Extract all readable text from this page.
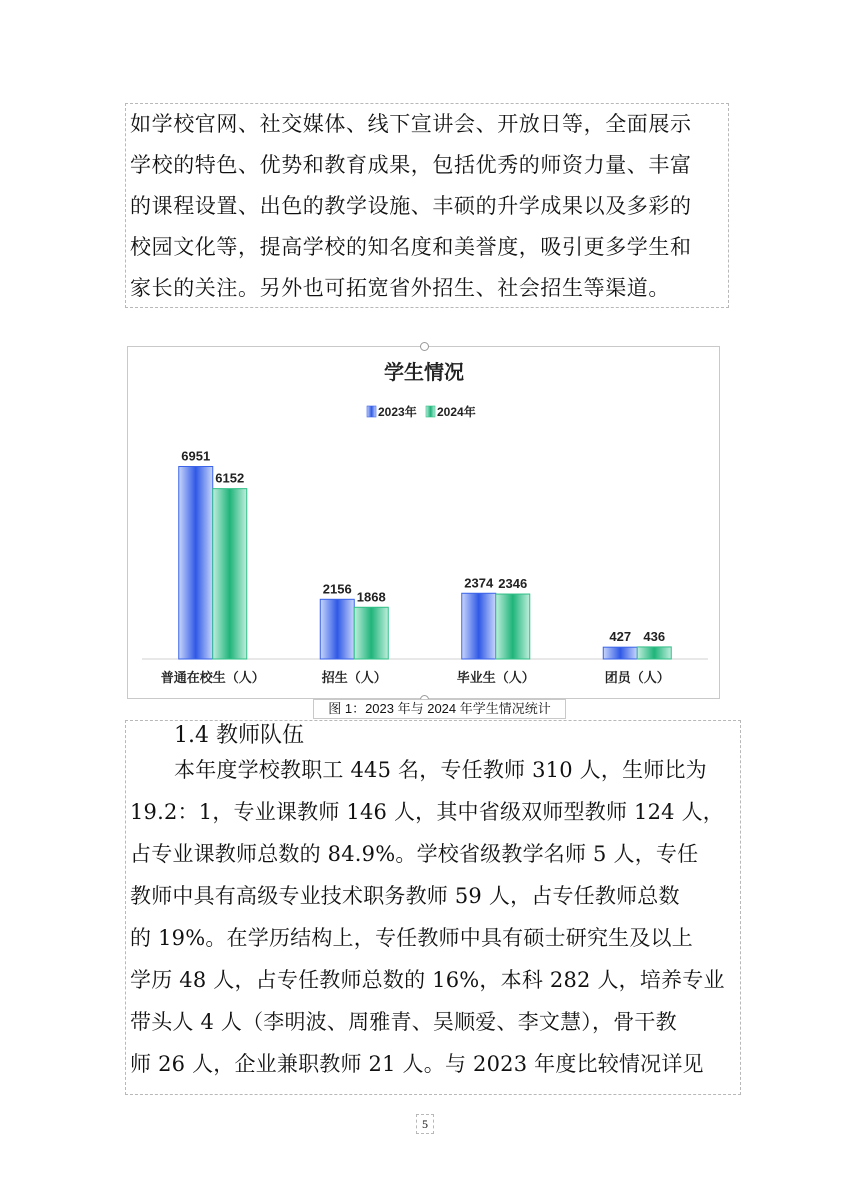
如学校官网、社交媒体、线下宣讲会、开放日等，全面展示
学校的特色、优势和教育成果，包括优秀的师资力量、丰富
的课程设置、出色的教学设施、丰硕的升学成果以及多彩的
校园文化等，提高学校的知名度和美誉度，吸引更多学生和
家长的关注。另外也可拓宽省外招生、社会招生等渠道。
学生情况
2023年 2024年
6951
6152
2156
1868
2374 2346
427 436
普通在校生（人）	招生（人）	毕业生（人）	团员（人）
图 1：2023 年与 2024 年学生情况统计
1.4 教师队伍
本年度学校教职工 445 名，专任教师 310 人，生师比为
19.2：1，专业课教师 146 人，其中省级双师型教师 124 人，
占专业课教师总数的 84.9%。学校省级教学名师 5 人，专任
教师中具有高级专业技术职务教师 59 人，占专任教师总数
的 19%。在学历结构上，专任教师中具有硕士研究生及以上
学历 48 人，占专任教师总数的 16%，本科 282 人，培养专业
带头人 4 人（李明波、周雅青、吴顺爱、李文慧），骨干教
师 26 人，企业兼职教师 21 人。与 2023 年度比较情况详见
5
